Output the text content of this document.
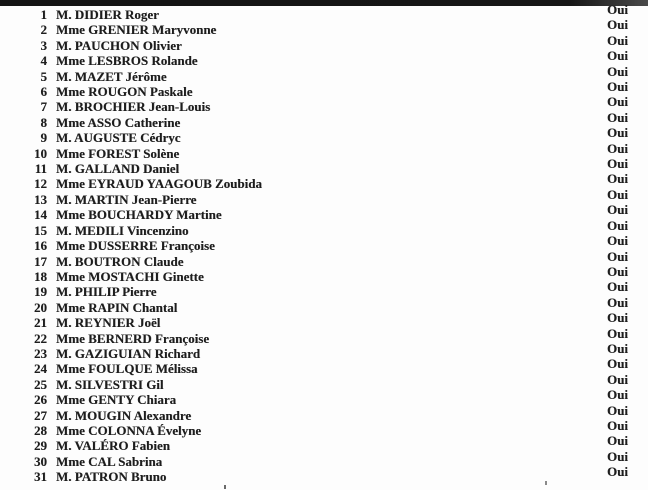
1 M. DIDIER Roger	Oui
2 Mme GRENIER Maryvonne	Oui
3 M. PAUCHON Olivier	Oui
4 Mme LESBROS Rolande	Oui
5 M. MAZET Jérôme	Oui
6 Mme ROUGON Paskale	Oui
7 M. BROCHIER Jean-Louis	Oui
8 Mme ASSO Catherine	Oui
9 M. AUGUSTE Cédryc	Oui
10 Mme FOREST Solène	Oui
11 M. GALLAND Daniel	Oui
12 Mme EYRAUD YAAGOUB Zoubida	Oui
13 M. MARTIN Jean-Pierre	Oui
14 Mme BOUCHARDY Martine	Oui
15 M. MEDILI Vincenzino	Oui
16 Mme DUSSERRE Françoise	Oui
17 M. BOUTRON Claude	Oui
18 Mme MOSTACHI Ginette	Oui
19 M. PHILIP Pierre	Oui
20 Mme RAPIN Chantal	Oui
21 M. REYNIER Joël	Oui
22 Mme BERNERD Françoise	Oui
23 M. GAZIGUIAN Richard	Oui
24 Mme FOULQUE Mélissa	Oui
25 M. SILVESTRI Gil	Oui
26 Mme GENTY Chiara	Oui
27 M. MOUGIN Alexandre	Oui
28 Mme COLONNA Évelyne	Oui
29 M. VALÉRO Fabien	Oui
30 Mme CAL Sabrina	Oui
31 M. PATRON Bruno	Oui
